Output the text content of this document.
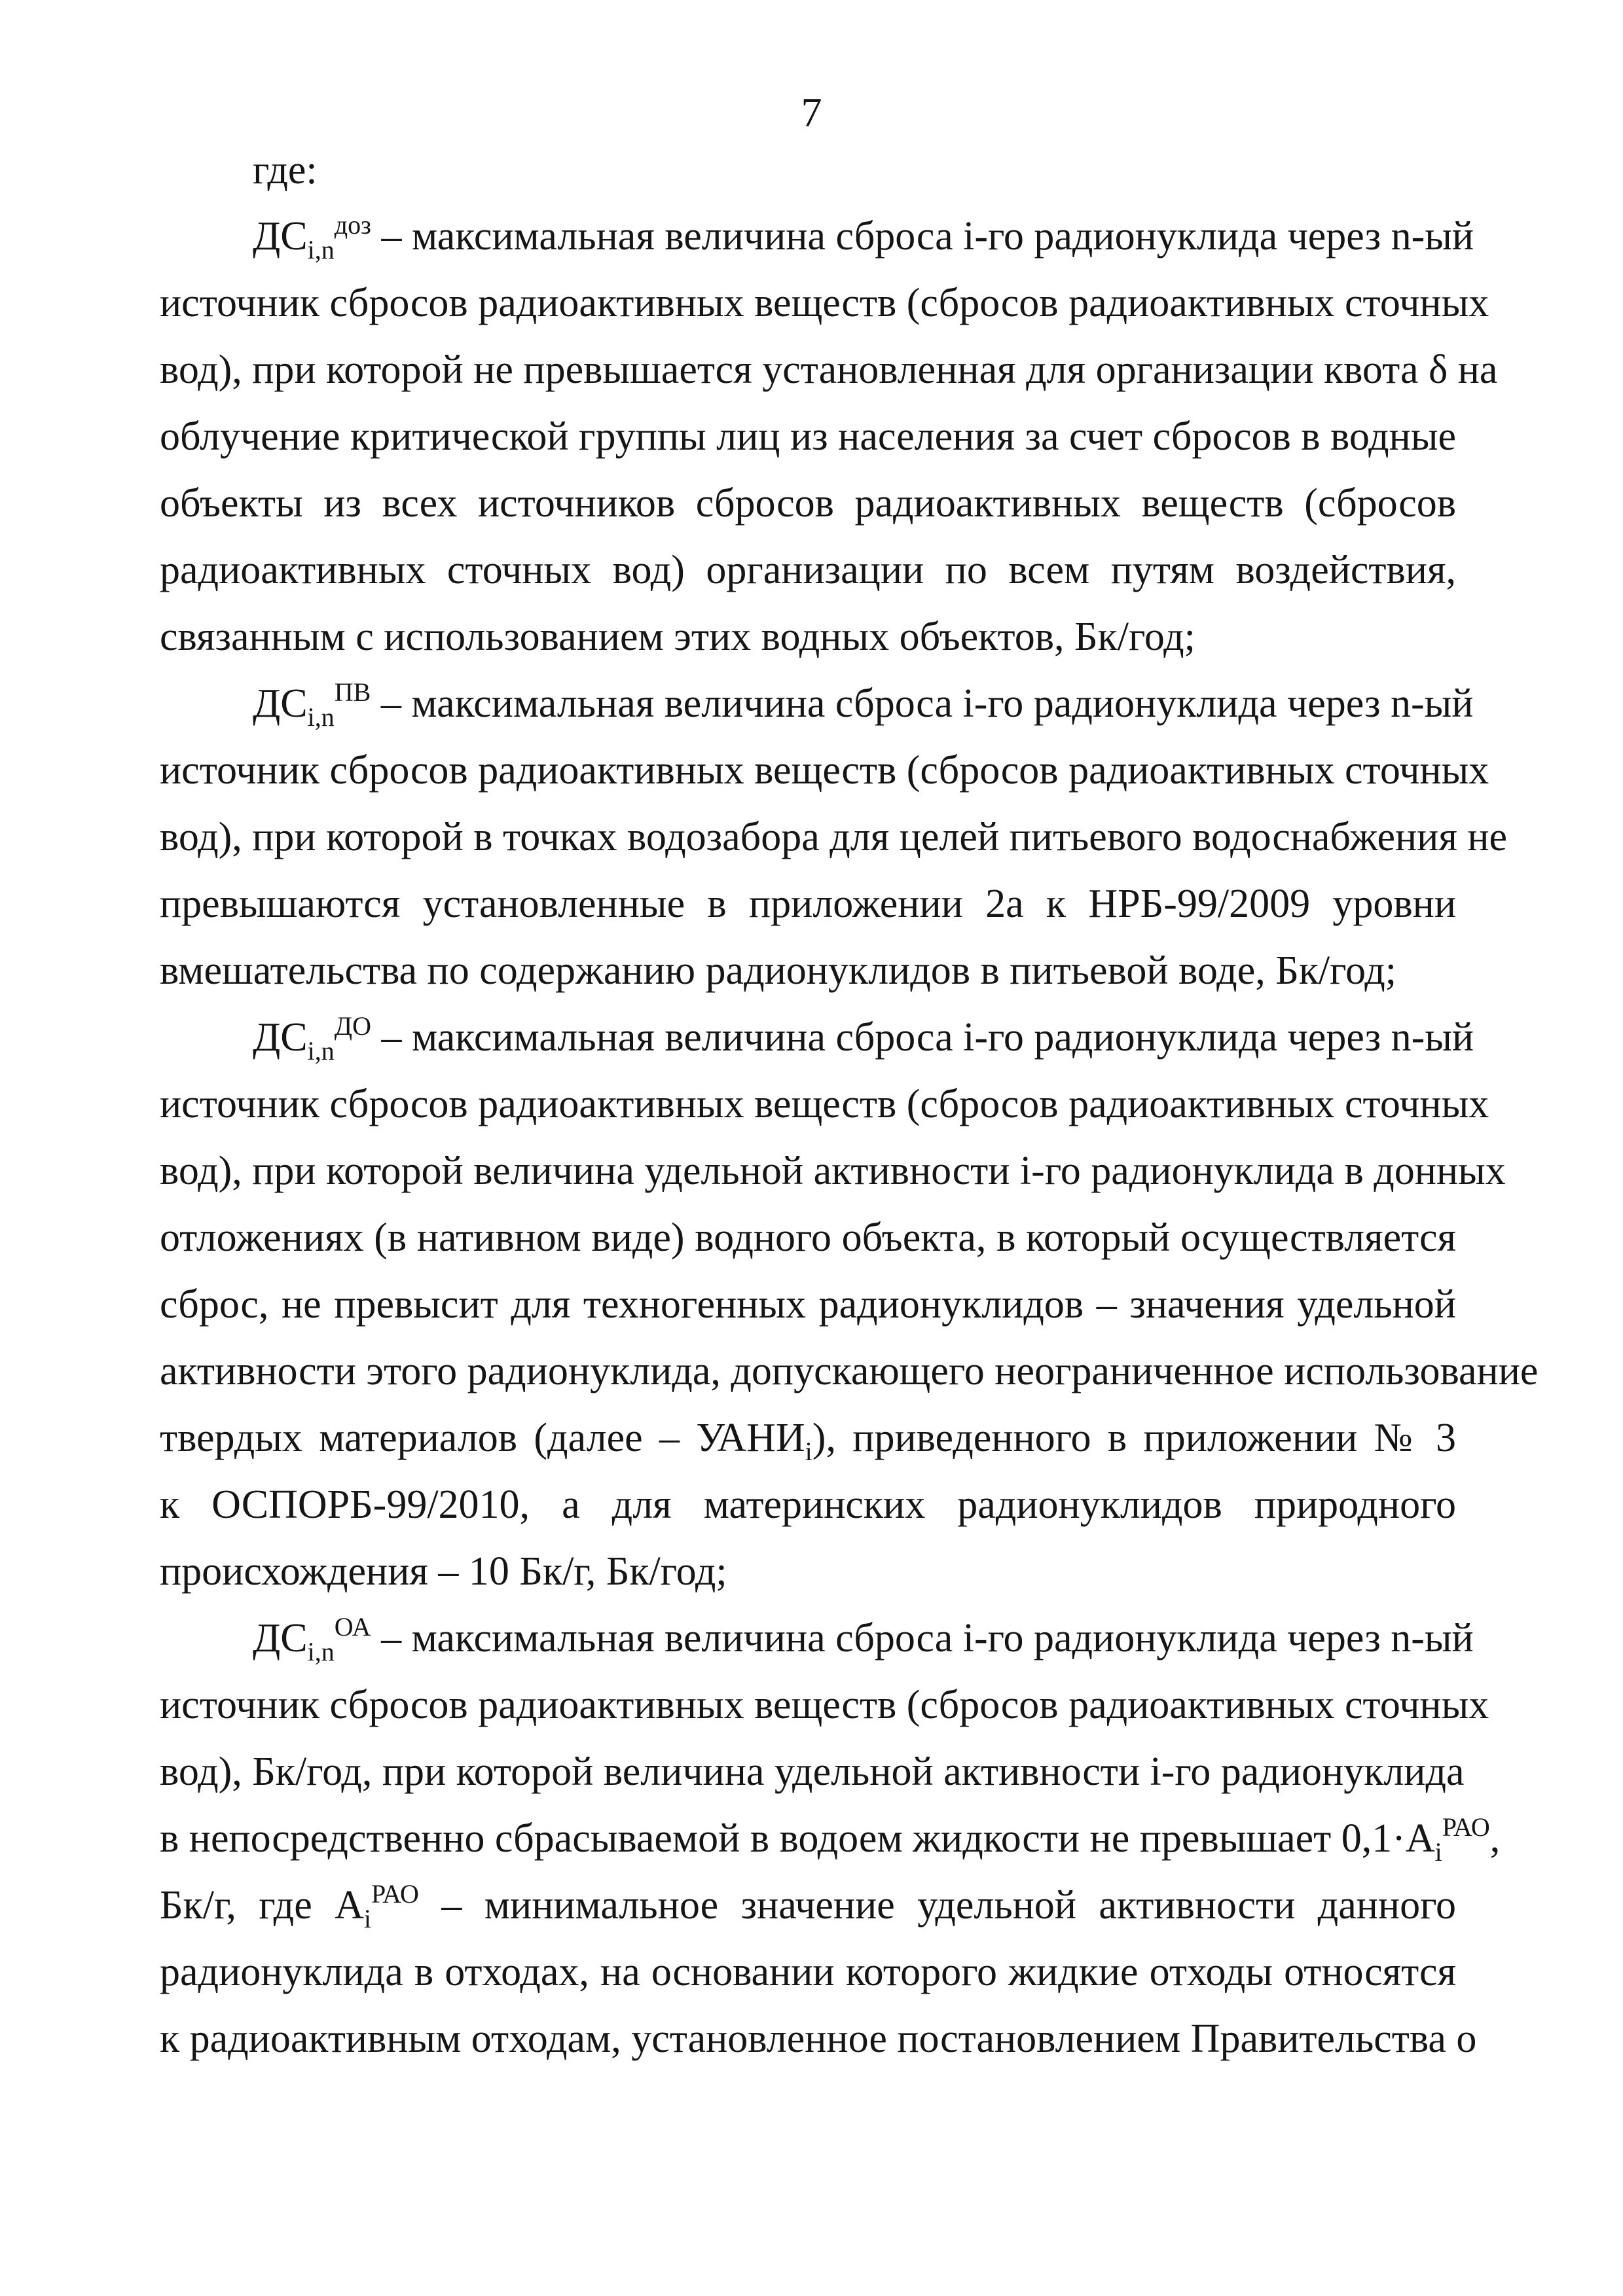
7

где:

$ДС_{i,n}^{доз}$ – максимальная величина сброса i-го радионуклида через n-ый
источник сбросов радиоактивных веществ (сбросов радиоактивных сточных
вод), при которой не превышается установленная для организации квота δ на
облучение критической группы лиц из населения за счет сбросов в водные
объекты из всех источников сбросов радиоактивных веществ (сбросов
радиоактивных сточных вод) организации по всем путям воздействия,
связанным с использованием этих водных объектов, Бк/год;
$ДС_{i,n}^{ПВ}$ – максимальная величина сброса i-го радионуклида через n-ый
источник сбросов радиоактивных веществ (сбросов радиоактивных сточных
вод), при которой в точках водозабора для целей питьевого водоснабжения не
превышаются установленные в приложении 2а к НРБ-99/2009 уровни
вмешательства по содержанию радионуклидов в питьевой воде, Бк/год;
$ДС_{i,n}^{ДО}$ – максимальная величина сброса i-го радионуклида через n-ый
источник сбросов радиоактивных веществ (сбросов радиоактивных сточных
вод), при которой величина удельной активности i-го радионуклида в донных
отложениях (в нативном виде) водного объекта, в который осуществляется
сброс, не превысит для техногенных радионуклидов – значения удельной
активности этого радионуклида, допускающего неограниченное использование
твердых материалов (далее – $УАНИ_i$), приведенного в приложении № 3
к ОСПОРБ-99/2010, а для материнских радионуклидов природного
происхождения – 10 Бк/г, Бк/год;
$ДС_{i,n}^{ОА}$ – максимальная величина сброса i-го радионуклида через n-ый
источник сбросов радиоактивных веществ (сбросов радиоактивных сточных
вод), Бк/год, при которой величина удельной активности i-го радионуклида
в непосредственно сбрасываемой в водоем жидкости не превышает $0,1\cdot A_i^{РАО}$,
Бк/г, где $A_i^{РАО}$ – минимальное значение удельной активности данного
радионуклида в отходах, на основании которого жидкие отходы относятся
к радиоактивным отходам, установленное постановлением Правительства о
